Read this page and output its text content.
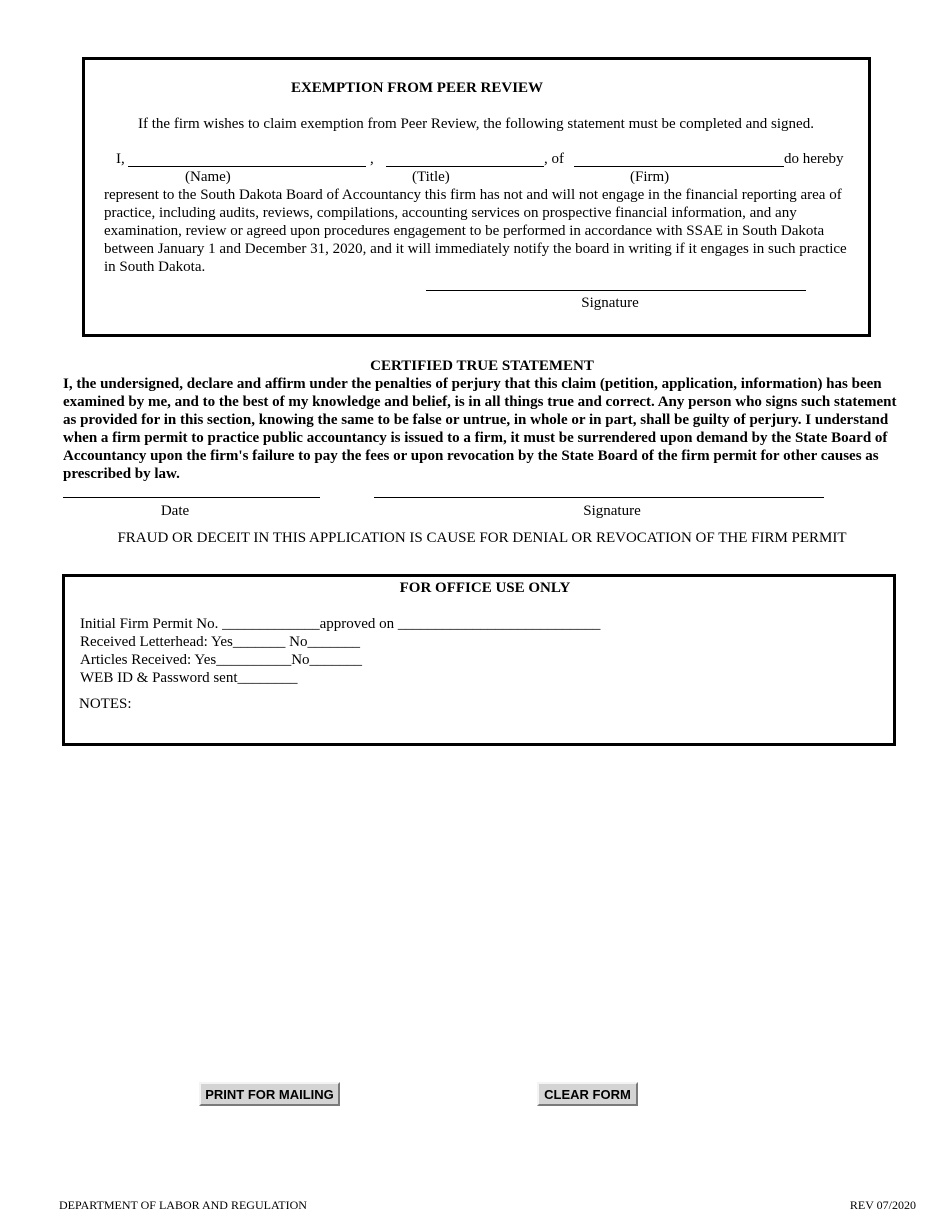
EXEMPTION FROM PEER REVIEW
If the firm wishes to claim exemption from Peer Review, the following statement must be completed and signed.
I,	,	, of	do hereby
(Name)	(Title)	(Firm)
represent to the South Dakota Board of Accountancy this firm has not and will not engage in the financial reporting area of practice, including audits, reviews, compilations, accounting services on prospective financial information, and any examination, review or agreed upon procedures engagement to be performed in accordance with SSAE in South Dakota between January 1 and December 31, 2020, and it will immediately notify the board in writing if it engages in such practice in South Dakota.
Signature
CERTIFIED TRUE STATEMENT
I, the undersigned, declare and affirm under the penalties of perjury that this claim (petition, application, information) has been examined by me, and to the best of my knowledge and belief, is in all things true and correct. Any person who signs such statement as provided for in this section, knowing the same to be false or untrue, in whole or in part, shall be guilty of perjury. I understand when a firm permit to practice public accountancy is issued to a firm, it must be surrendered upon demand by the State Board of Accountancy upon the firm's failure to pay the fees or upon revocation by the State Board of the firm permit for other causes as prescribed by law.
Date	Signature
FRAUD OR DECEIT IN THIS APPLICATION IS CAUSE FOR DENIAL OR REVOCATION OF THE FIRM PERMIT
FOR OFFICE USE ONLY
Initial Firm Permit No. _____________approved on ___________________________
Received Letterhead: Yes_______ No_______
Articles Received: Yes__________No_______
WEB ID & Password sent________
NOTES:
PRINT FOR MAILING	CLEAR FORM
DEPARTMENT OF LABOR AND REGULATION	REV 07/2020
